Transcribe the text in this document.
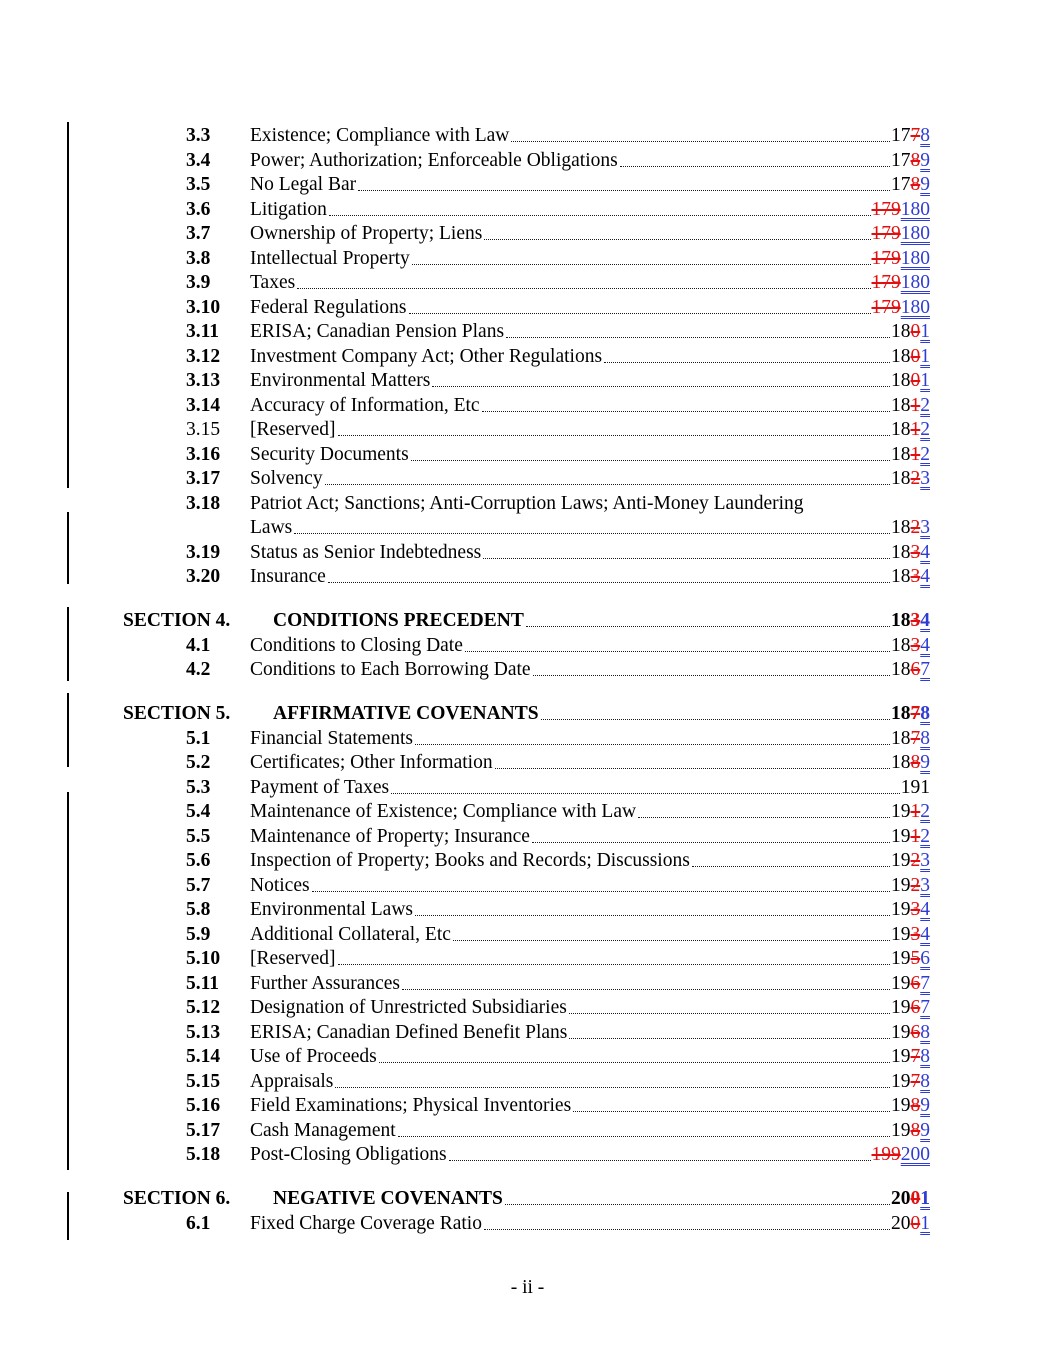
3.3	Existence; Compliance with Law	1778
3.4	Power; Authorization; Enforceable Obligations	1789
3.5	No Legal Bar	1789
3.6	Litigation	179180
3.7	Ownership of Property; Liens	179180
3.8	Intellectual Property	179180
3.9	Taxes	179180
3.10	Federal Regulations	179180
3.11	ERISA; Canadian Pension Plans	1801
3.12	Investment Company Act; Other Regulations	1801
3.13	Environmental Matters	1801
3.14	Accuracy of Information, Etc	1812
3.15	[Reserved]	1812
3.16	Security Documents	1812
3.17	Solvency	1823
3.18	Patriot Act; Sanctions; Anti-Corruption Laws; Anti-Money Laundering
Laws	1823
3.19	Status as Senior Indebtedness	1834
3.20	Insurance	1834
SECTION 4.	CONDITIONS PRECEDENT	1834
4.1	Conditions to Closing Date	1834
4.2	Conditions to Each Borrowing Date	1867
SECTION 5.	AFFIRMATIVE COVENANTS	1878
5.1	Financial Statements	1878
5.2	Certificates; Other Information	1889
5.3	Payment of Taxes	191
5.4	Maintenance of Existence; Compliance with Law	1912
5.5	Maintenance of Property; Insurance	1912
5.6	Inspection of Property; Books and Records; Discussions	1923
5.7	Notices	1923
5.8	Environmental Laws	1934
5.9	Additional Collateral, Etc	1934
5.10	[Reserved]	1956
5.11	Further Assurances	1967
5.12	Designation of Unrestricted Subsidiaries	1967
5.13	ERISA; Canadian Defined Benefit Plans	1968
5.14	Use of Proceeds	1978
5.15	Appraisals	1978
5.16	Field Examinations; Physical Inventories	1989
5.17	Cash Management	1989
5.18	Post-Closing Obligations	199200
SECTION 6.	NEGATIVE COVENANTS	2001
6.1	Fixed Charge Coverage Ratio	2001
- ii -
